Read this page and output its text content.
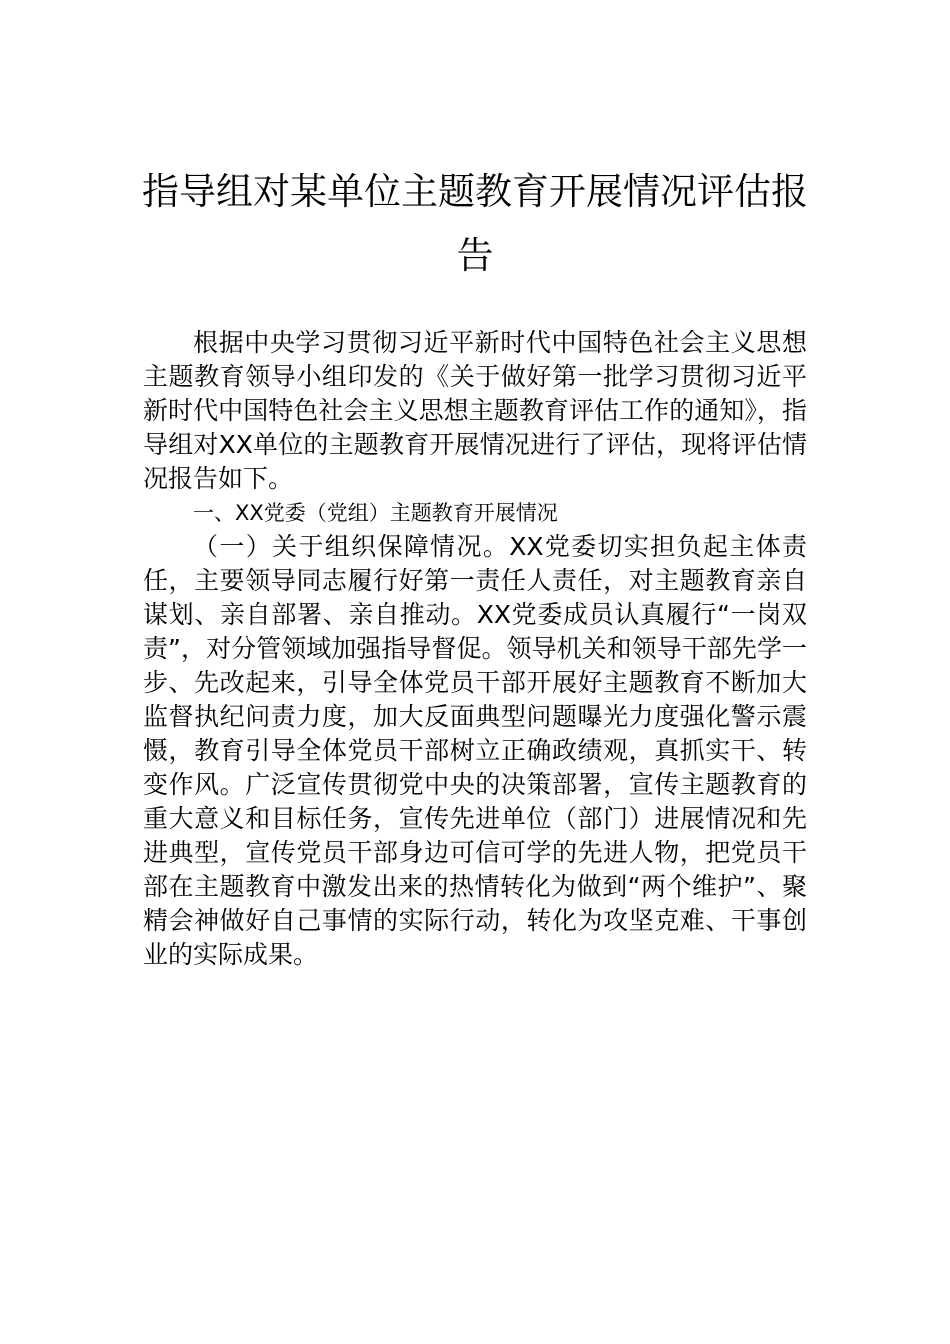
指导组对某单位主题教育开展情况评估报告

根据中央学习贯彻习近平新时代中国特色社会主义思想主题教育领导小组印发的《关于做好第一批学习贯彻习近平新时代中国特色社会主义思想主题教育评估工作的通知》，指导组对XX单位的主题教育开展情况进行了评估，现将评估情况报告如下。

一、XX党委（党组）主题教育开展情况

（一）关于组织保障情况。XX党委切实担负起主体责任，主要领导同志履行好第一责任人责任，对主题教育亲自谋划、亲自部署、亲自推动。XX党委成员认真履行“一岗双责”，对分管领域加强指导督促。领导机关和领导干部先学一步、先改起来，引导全体党员干部开展好主题教育不断加大监督执纪问责力度，加大反面典型问题曝光力度强化警示震慑，教育引导全体党员干部树立正确政绩观，真抓实干、转变作风。广泛宣传贯彻党中央的决策部署，宣传主题教育的重大意义和目标任务，宣传先进单位（部门）进展情况和先进典型，宣传党员干部身边可信可学的先进人物，把党员干部在主题教育中激发出来的热情转化为做到“两个维护”、聚精会神做好自己事情的实际行动，转化为攻坚克难、干事创业的实际成果。
